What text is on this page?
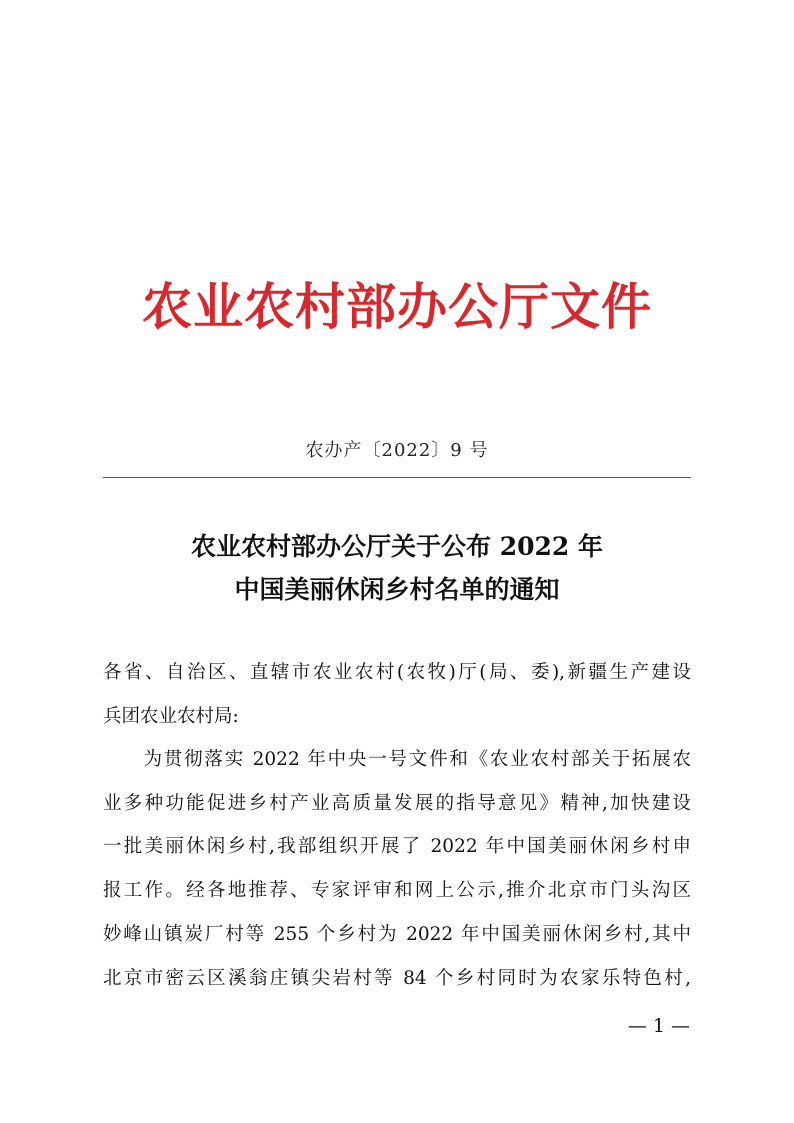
农业农村部办公厅文件
农办产〔2022〕9 号
农业农村部办公厅关于公布 2022 年
中国美丽休闲乡村名单的通知
各省、自治区、直辖市农业农村(农牧)厅(局、委),新疆生产建设
兵团农业农村局:
　　为贯彻落实 2022 年中央一号文件和《农业农村部关于拓展农
业多种功能促进乡村产业高质量发展的指导意见》精神,加快建设
一批美丽休闲乡村,我部组织开展了 2022 年中国美丽休闲乡村申
报工作。经各地推荐、专家评审和网上公示,推介北京市门头沟区
妙峰山镇炭厂村等 255 个乡村为 2022 年中国美丽休闲乡村,其中
北京市密云区溪翁庄镇尖岩村等 84 个乡村同时为农家乐特色村,
— 1 —
